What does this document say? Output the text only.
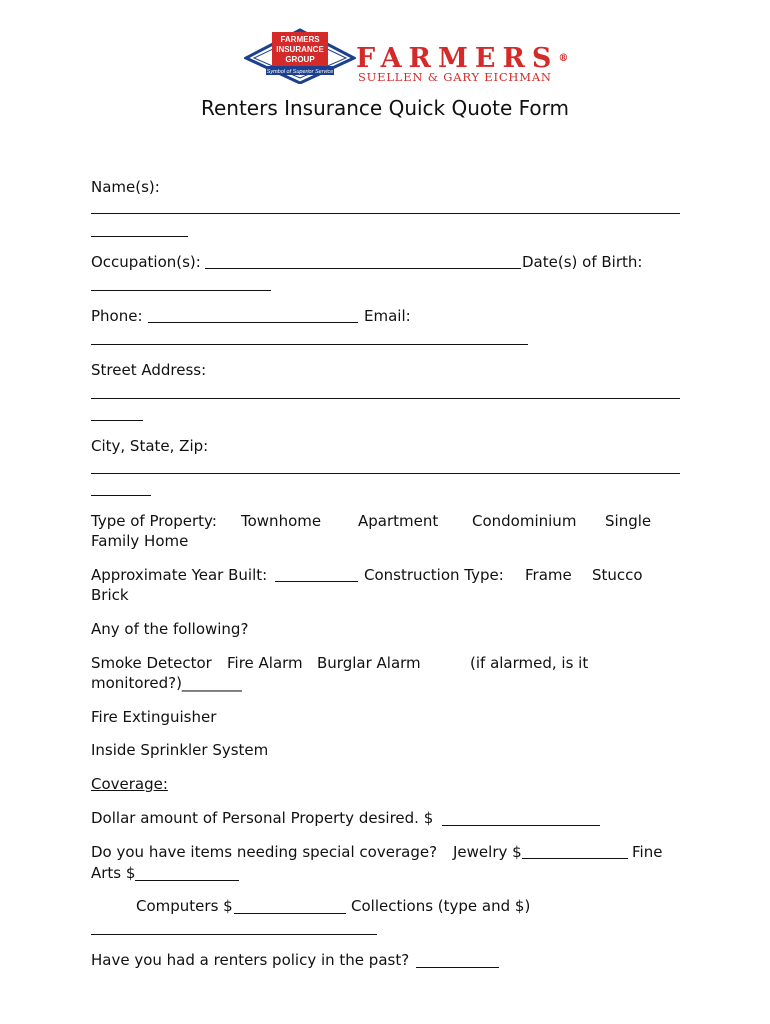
FARMERS
INSURANCE
GROUP
Symbol of Superior Service FARMERS®
SUELLEN & GARY EICHMAN
Renters Insurance Quick Quote Form
Name(s):
Occupation(s):	Date(s) of Birth:
Phone:	Email:
Street Address:
City, State, Zip:
Type of Property: Townhome Apartment Condominium Single
Family Home
Approximate Year Built:	Construction Type: Frame Stucco
Brick
Any of the following?
Smoke Detector Fire Alarm Burglar Alarm	(if alarmed, is it
monitored?)________
Fire Extinguisher
Inside Sprinkler System
Coverage:
Dollar amount of Personal Property desired. $
Do you have items needing special coverage? Jewelry $	Fine
Arts $
Computers $	Collections (type and $)
Have you had a renters policy in the past?
